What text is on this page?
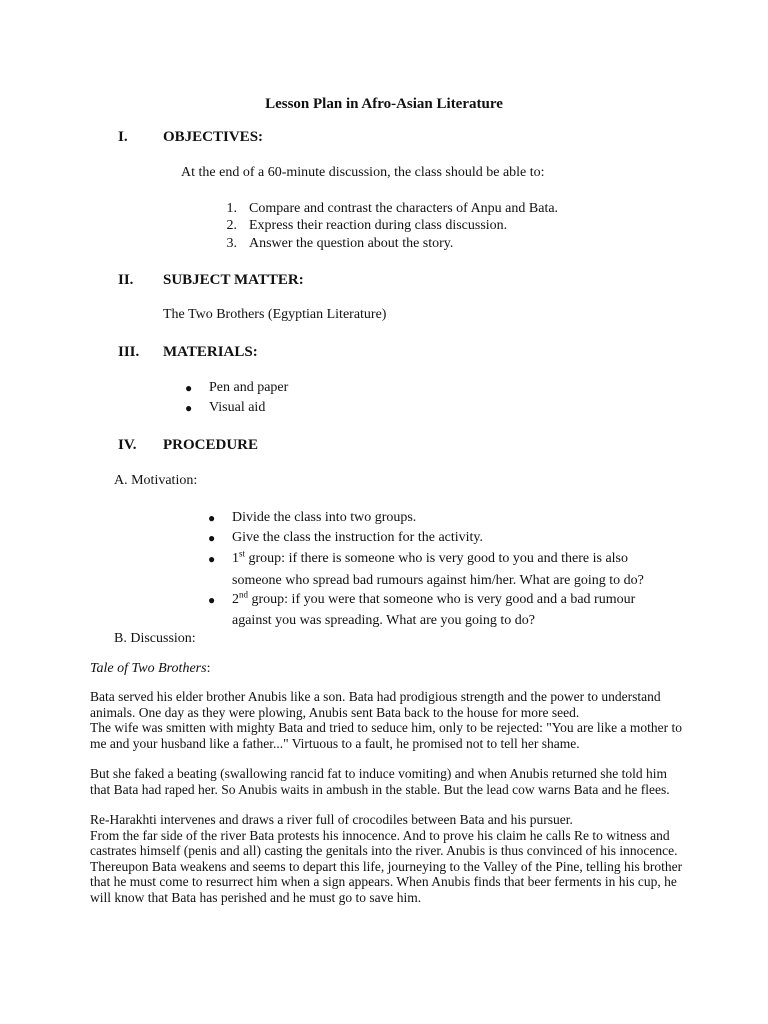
Lesson Plan in Afro-Asian Literature
I. OBJECTIVES:
At the end of a 60-minute discussion, the class should be able to:
1. Compare and contrast the characters of Anpu and Bata.
2. Express their reaction during class discussion.
3. Answer the question about the story.
II. SUBJECT MATTER:
The Two Brothers (Egyptian Literature)
III. MATERIALS:
● Pen and paper
● Visual aid
IV. PROCEDURE
A. Motivation:
● Divide the class into two groups.
● Give the class the instruction for the activity.
● 1st group: if there is someone who is very good to you and there is also
someone who spread bad rumours against him/her. What are going to do?
● 2nd group: if you were that someone who is very good and a bad rumour
against you was spreading. What are you going to do?
B. Discussion:
Tale of Two Brothers:

Bata served his elder brother Anubis like a son. Bata had prodigious strength and the power to understand animals. One day as they were plowing, Anubis sent Bata back to the house for more seed.

The wife was smitten with mighty Bata and tried to seduce him, only to be rejected: "You are like a mother to me and your husband like a father..." Virtuous to a fault, he promised not to tell her shame.

But she faked a beating (swallowing rancid fat to induce vomiting) and when Anubis returned she told him that Bata had raped her. So Anubis waits in ambush in the stable. But the lead cow warns Bata and he flees.

Re-Harakhti intervenes and draws a river full of crocodiles between Bata and his pursuer.

From the far side of the river Bata protests his innocence. And to prove his claim he calls Re to witness and castrates himself (penis and all) casting the genitals into the river. Anubis is thus convinced of his innocence. Thereupon Bata weakens and seems to depart this life, journeying to the Valley of the Pine, telling his brother that he must come to resurrect him when a sign appears. When Anubis finds that beer ferments in his cup, he will know that Bata has perished and he must go to save him.
